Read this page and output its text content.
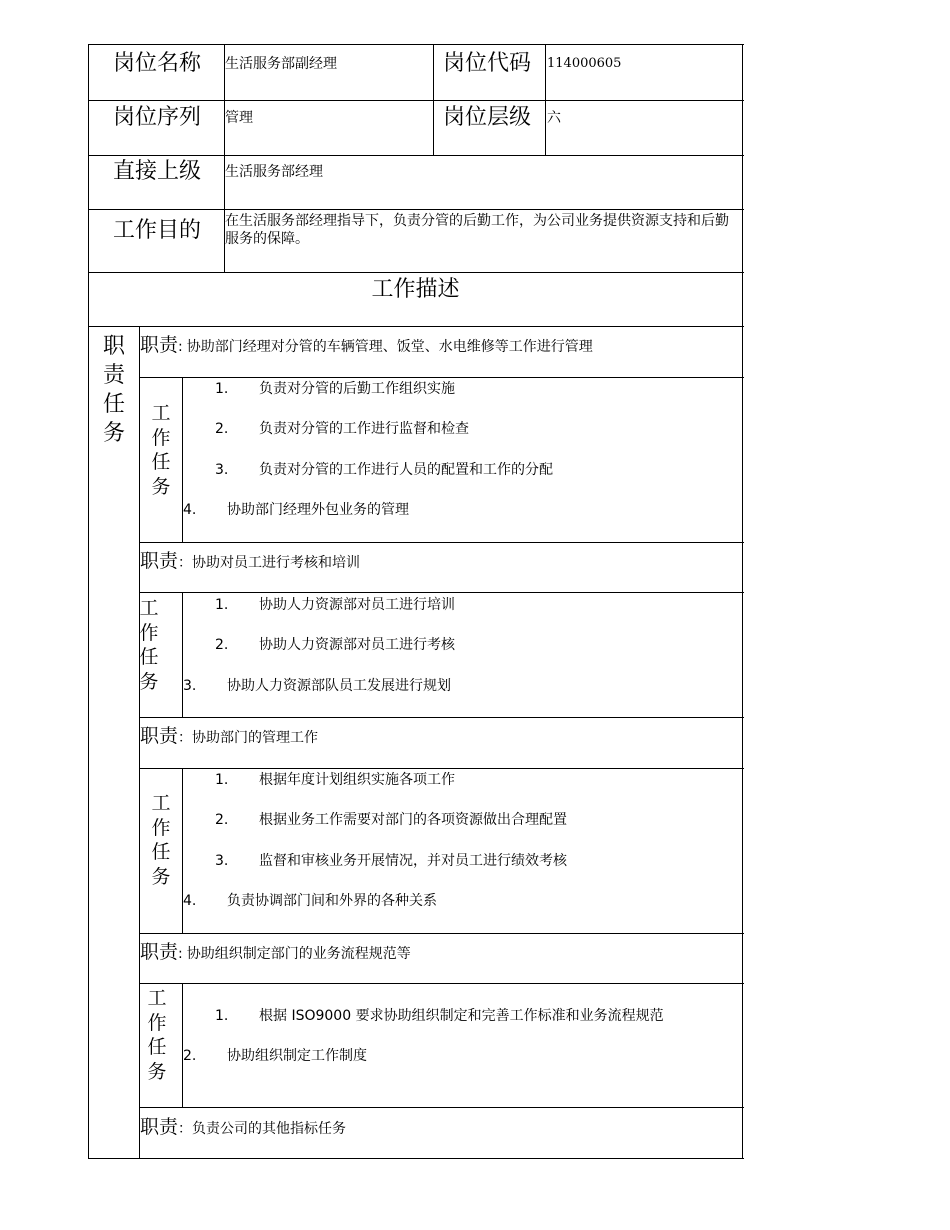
岗位名称 生活服务部副经理	岗位代码 114000605
岗位序列 管理	岗位层级 六
直接上级 生活服务部经理
工作目的 在生活服务部经理指导下，负责分管的后勤工作，为公司业务提供资源支持和后勤服务的保障。
工作描述
职
责
任
务
职责: 协助部门经理对分管的车辆管理、饭堂、水电维修等工作进行管理
工
作
任
务
1. 负责对分管的后勤工作组织实施
2. 负责对分管的工作进行监督和检查
3. 负责对分管的工作进行人员的配置和工作的分配
4. 协助部门经理外包业务的管理
职责：协助对员工进行考核和培训
工
作
任
务
1. 协助人力资源部对员工进行培训
2. 协助人力资源部对员工进行考核
3. 协助人力资源部队员工发展进行规划
职责：协助部门的管理工作
工
作
任
务
1. 根据年度计划组织实施各项工作
2. 根据业务工作需要对部门的各项资源做出合理配置
3. 监督和审核业务开展情况，并对员工进行绩效考核
4. 负责协调部门间和外界的各种关系
职责: 协助组织制定部门的业务流程规范等
工
作
任
务
1. 根据 ISO9000 要求协助组织制定和完善工作标准和业务流程规范
2. 协助组织制定工作制度
职责：负责公司的其他指标任务
